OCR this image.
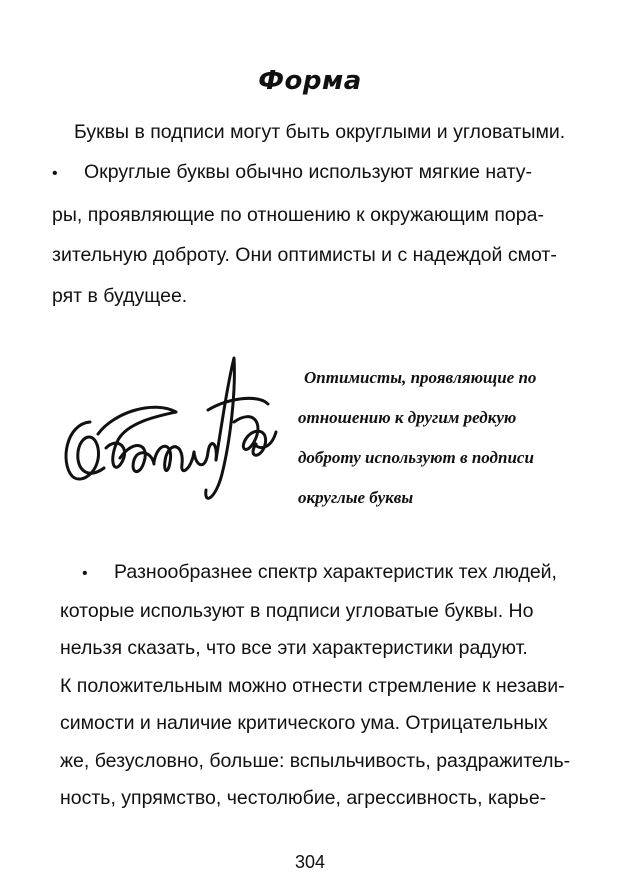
Форма

Буквы в подписи могут быть округлыми и угловатыми.

• Округлые буквы обычно используют мягкие нату-
ры, проявляющие по отношению к окружающим пора-
зительную доброту. Они оптимисты и с надеждой смот-
рят в будущее.

Оптимисты, проявляющие по
отношению к другим редкую
доброту используют в подписи
округлые буквы

• Разнообразнее спектр характеристик тех людей,
которые используют в подписи угловатые буквы. Но
нельзя сказать, что все эти характеристики радуют.
К положительным можно отнести стремление к незави-
симости и наличие критического ума. Отрицательных
же, безусловно, больше: вспыльчивость, раздражитель-
ность, упрямство, честолюбие, агрессивность, карье-

304
